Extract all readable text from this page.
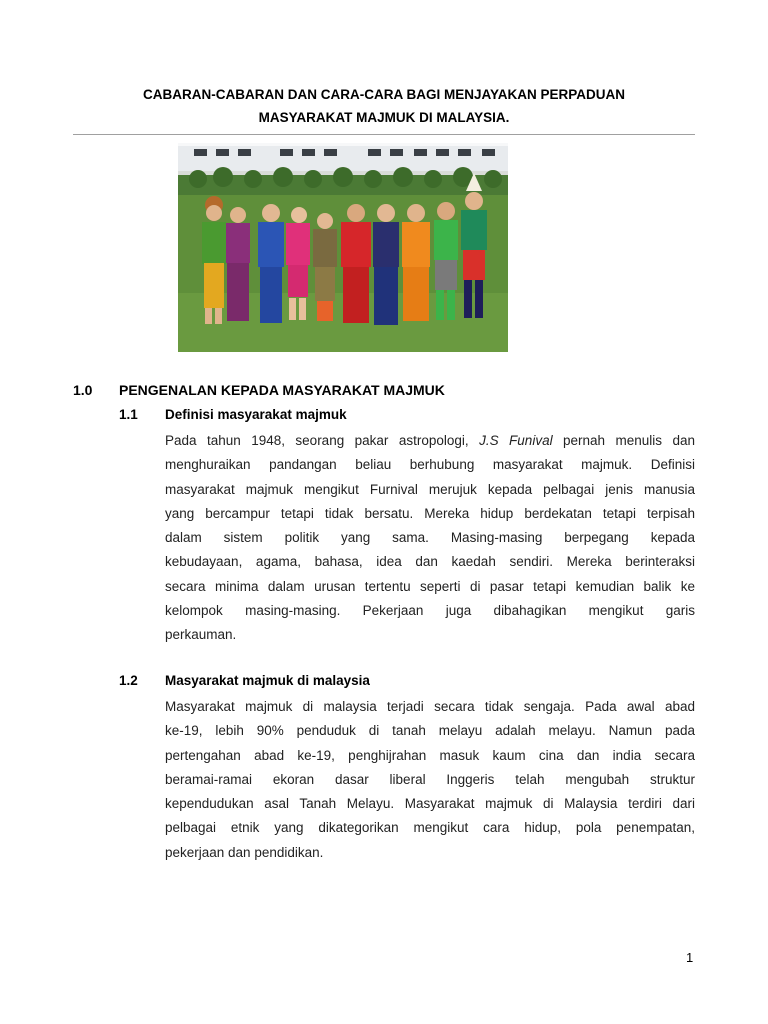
CABARAN-CABARAN DAN CARA-CARA BAGI MENJAYAKAN PERPADUAN
MASYARAKAT MAJMUK DI MALAYSIA.
1.0 PENGENALAN KEPADA MASYARAKAT MAJMUK
1.1 Definisi masyarakat majmuk
Pada tahun 1948, seorang pakar astropologi, J.S Funival pernah menulis dan
menghuraikan pandangan beliau berhubung masyarakat majmuk. Definisi
masyarakat majmuk mengikut Furnival merujuk kepada pelbagai jenis manusia
yang bercampur tetapi tidak bersatu. Mereka hidup berdekatan tetapi terpisah
dalam sistem politik yang sama. Masing-masing berpegang kepada
kebudayaan, agama, bahasa, idea dan kaedah sendiri. Mereka berinteraksi
secara minima dalam urusan tertentu seperti di pasar tetapi kemudian balik ke
kelompok masing-masing. Pekerjaan juga dibahagikan mengikut garis
perkauman.
1.2 Masyarakat majmuk di malaysia
Masyarakat majmuk di malaysia terjadi secara tidak sengaja. Pada awal abad
ke-19, lebih 90% penduduk di tanah melayu adalah melayu. Namun pada
pertengahan abad ke-19, penghijrahan masuk kaum cina dan india secara
beramai-ramai ekoran dasar liberal Inggeris telah mengubah struktur
kependudukan asal Tanah Melayu. Masyarakat majmuk di Malaysia terdiri dari
pelbagai etnik yang dikategorikan mengikut cara hidup, pola penempatan,
pekerjaan dan pendidikan.
1
